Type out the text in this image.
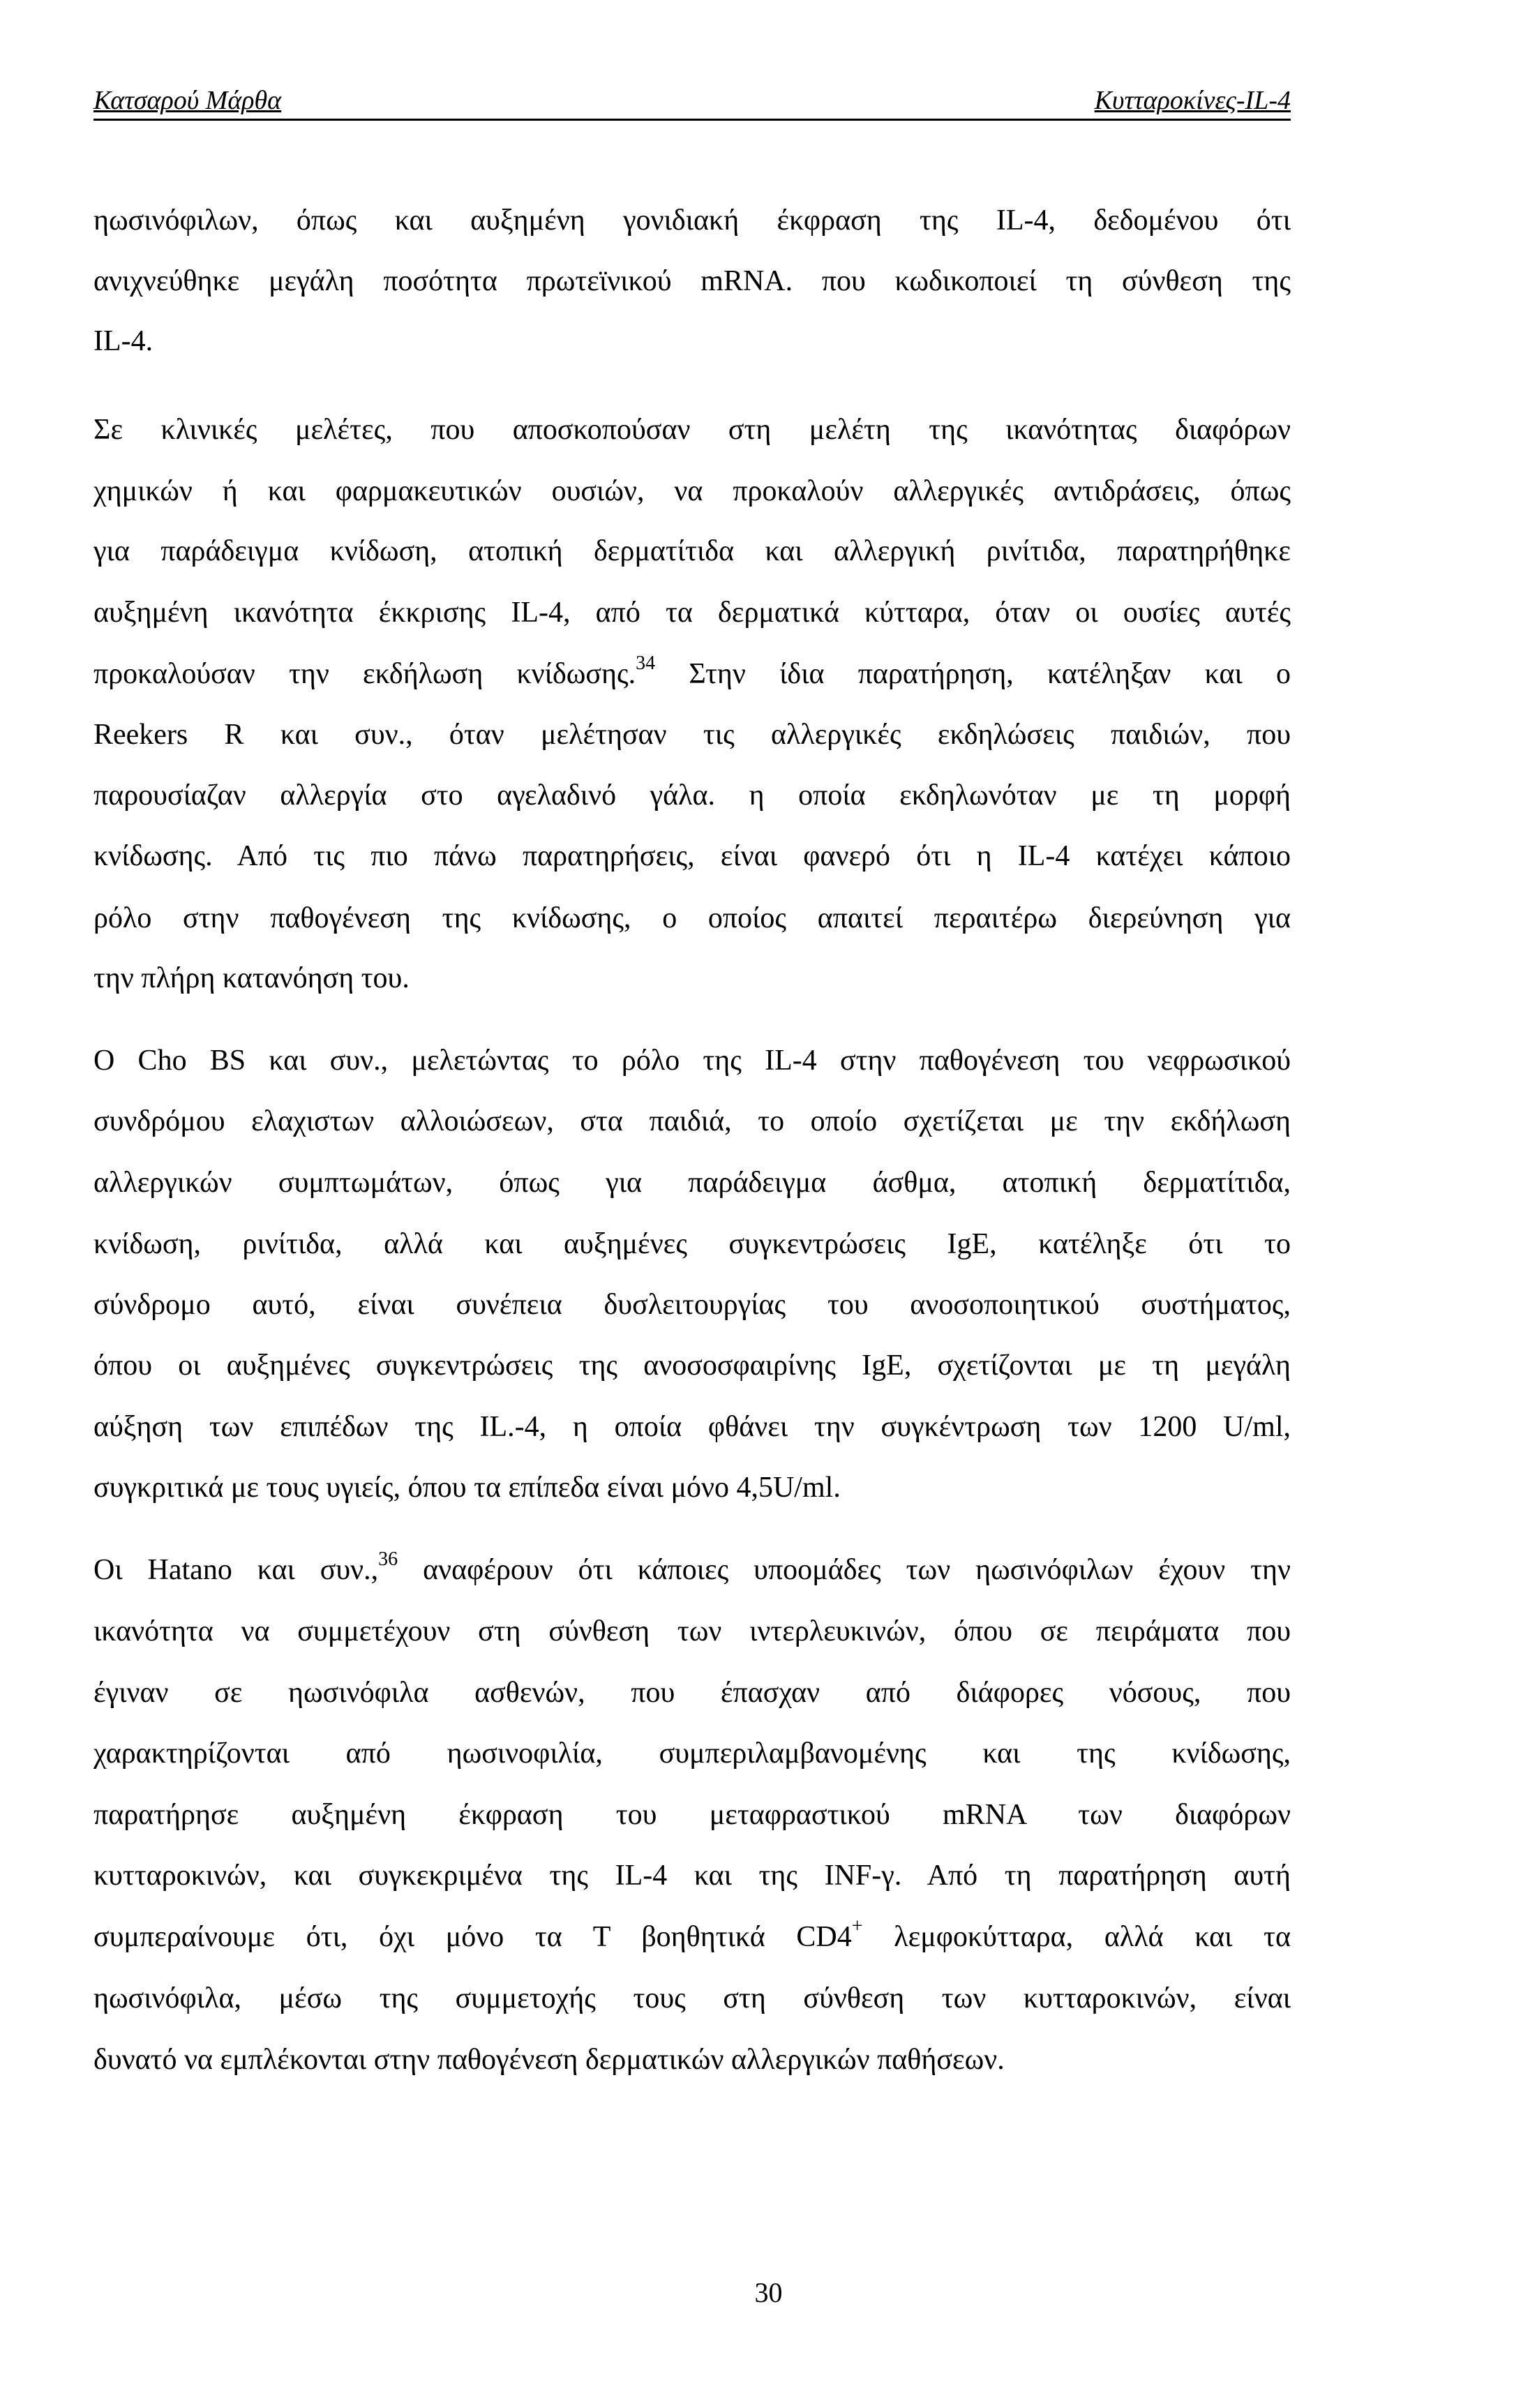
Κατσαρού Μάρθα	Κυτταροκίνες-IL-4
ηωσινόφιλων, όπως και αυξημένη γονιδιακή έκφραση της IL-4, δεδομένου ότι
ανιχνεύθηκε μεγάλη ποσότητα πρωτεϊνικού mRNA. που κωδικοποιεί τη σύνθεση της
IL-4.
Σε κλινικές μελέτες, που αποσκοπούσαν στη μελέτη της ικανότητας διαφόρων
χημικών ή και φαρμακευτικών ουσιών, να προκαλούν αλλεργικές αντιδράσεις, όπως
για παράδειγμα κνίδωση, ατοπική δερματίτιδα και αλλεργική ρινίτιδα, παρατηρήθηκε
αυξημένη ικανότητα έκκρισης IL-4, από τα δερματικά κύτταρα, όταν οι ουσίες αυτές
προκαλούσαν την εκδήλωση κνίδωσης.$^{34}$ Στην ίδια παρατήρηση, κατέληξαν και ο
Reekers R και συν., όταν μελέτησαν τις αλλεργικές εκδηλώσεις παιδιών, που
παρουσίαζαν αλλεργία στο αγελαδινό γάλα. η οποία εκδηλωνόταν με τη μορφή
κνίδωσης. Από τις πιο πάνω παρατηρήσεις, είναι φανερό ότι η IL-4 κατέχει κάποιο
ρόλο στην παθογένεση της κνίδωσης, ο οποίος απαιτεί περαιτέρω διερεύνηση για
την πλήρη κατανόηση του.
Ο Cho BS και συν., μελετώντας το ρόλο της IL-4 στην παθογένεση του νεφρωσικού
συνδρόμου ελαχιστων αλλοιώσεων, στα παιδιά, το οποίο σχετίζεται με την εκδήλωση
αλλεργικών συμπτωμάτων, όπως για παράδειγμα άσθμα, ατοπική δερματίτιδα,
κνίδωση, ρινίτιδα, αλλά και αυξημένες συγκεντρώσεις IgE, κατέληξε ότι το
σύνδρομο αυτό, είναι συνέπεια δυσλειτουργίας του ανοσοποιητικού συστήματος,
όπου οι αυξημένες συγκεντρώσεις της ανοσοσφαιρίνης IgE, σχετίζονται με τη μεγάλη
αύξηση των επιπέδων της IL.-4, η οποία φθάνει την συγκέντρωση των 1200 U/ml,
συγκριτικά με τους υγιείς, όπου τα επίπεδα είναι μόνο 4,5U/ml.
Οι Hatano και συν.,$^{36}$ αναφέρουν ότι κάποιες υποομάδες των ηωσινόφιλων έχουν την
ικανότητα να συμμετέχουν στη σύνθεση των ιντερλευκινών, όπου σε πειράματα που
έγιναν σε ηωσινόφιλα ασθενών, που έπασχαν από διάφορες νόσους, που
χαρακτηρίζονται από ηωσινοφιλία, συμπεριλαμβανομένης και της κνίδωσης,
παρατήρησε αυξημένη έκφραση του μεταφραστικού mRNA των διαφόρων
κυτταροκινών, και συγκεκριμένα της IL-4 και της INF-γ. Από τη παρατήρηση αυτή
συμπεραίνουμε ότι, όχι μόνο τα Τ βοηθητικά CD4+ λεμφοκύτταρα, αλλά και τα
ηωσινόφιλα, μέσω της συμμετοχής τους στη σύνθεση των κυτταροκινών, είναι
δυνατό να εμπλέκονται στην παθογένεση δερματικών αλλεργικών παθήσεων.
30
